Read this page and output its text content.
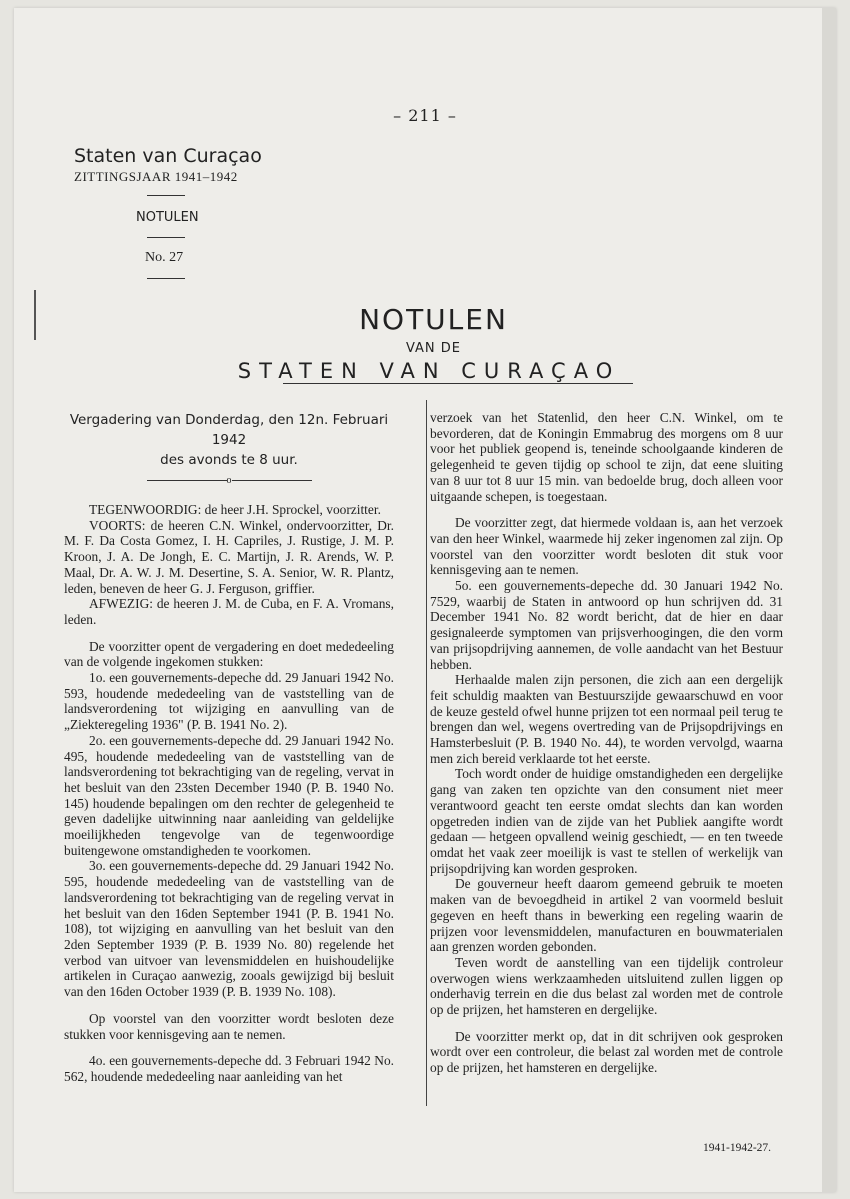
– 211 –
Staten van Curaçao
ZITTINGSJAAR 1941–1942
NOTULEN
No. 27
NOTULEN
VAN DE
STATEN VAN CURAÇAO
Vergadering van Donderdag, den 12n. Februari 1942
des avonds te 8 uur.
o

TEGENWOORDIG: de heer J.H. Sprockel, voorzitter.

VOORTS: de heeren C.N. Winkel, ondervoorzitter, Dr. M. F. Da Costa Gomez, I. H. Capriles, J. Rustige, J. M. P. Kroon, J. A. De Jongh, E. C. Martijn, J. R. Arends, W. P. Maal, Dr. A. W. J. M. Desertine, S. A. Senior, W. R. Plantz, leden, beneven de heer G. J. Ferguson, griffier.

AFWEZIG: de heeren J. M. de Cuba, en F. A. Vromans, leden.

De voorzitter opent de vergadering en doet mededeeling van de volgende ingekomen stukken:

1o. een gouvernements-depeche dd. 29 Januari 1942 No. 593, houdende mededeeling van de vaststelling van de landsverordening tot wijziging en aanvulling van de „Ziekteregeling 1936" (P. B. 1941 No. 2).

2o. een gouvernements-depeche dd. 29 Januari 1942 No. 495, houdende mededeeling van de vaststelling van de landsverordening tot bekrachtiging van de regeling, vervat in het besluit van den 23sten December 1940 (P. B. 1940 No. 145) houdende bepalingen om den rechter de gelegenheid te geven dadelijke uitwinning naar aanleiding van geldelijke moeilijkheden tengevolge van de tegenwoordige buitengewone omstandigheden te voorkomen.

3o. een gouvernements-depeche dd. 29 Januari 1942 No. 595, houdende mededeeling van de vaststelling van de landsverordening tot bekrachtiging van de regeling vervat in het besluit van den 16den September 1941 (P. B. 1941 No. 108), tot wijziging en aanvulling van het besluit van den 2den September 1939 (P. B. 1939 No. 80) regelende het verbod van uitvoer van levensmiddelen en huishoudelijke artikelen in Curaçao aanwezig, zooals gewijzigd bij besluit van den 16den October 1939 (P. B. 1939 No. 108).

Op voorstel van den voorzitter wordt besloten deze stukken voor kennisgeving aan te nemen.

4o. een gouvernements-depeche dd. 3 Februari 1942 No. 562, houdende mededeeling naar aanleiding van het

verzoek van het Statenlid, den heer C.N. Winkel, om te bevorderen, dat de Koningin Emmabrug des morgens om 8 uur voor het publiek geopend is, teneinde schoolgaande kinderen de gelegenheid te geven tijdig op school te zijn, dat eene sluiting van 8 uur tot 8 uur 15 min. van bedoelde brug, doch alleen voor uitgaande schepen, is toegestaan.

De voorzitter zegt, dat hiermede voldaan is, aan het verzoek van den heer Winkel, waarmede hij zeker ingenomen zal zijn. Op voorstel van den voorzitter wordt besloten dit stuk voor kennisgeving aan te nemen.

5o. een gouvernements-depeche dd. 30 Januari 1942 No. 7529, waarbij de Staten in antwoord op hun schrijven dd. 31 December 1941 No. 82 wordt bericht, dat de hier en daar gesignaleerde symptomen van prijsverhoogingen, die den vorm van prijsopdrijving aannemen, de volle aandacht van het Bestuur hebben.

Herhaalde malen zijn personen, die zich aan een dergelijk feit schuldig maakten van Bestuurszijde gewaarschuwd en voor de keuze gesteld ofwel hunne prijzen tot een normaal peil terug te brengen dan wel, wegens overtreding van de Prijsopdrijvings en Hamsterbesluit (P. B. 1940 No. 44), te worden vervolgd, waarna men zich bereid verklaarde tot het eerste.

Toch wordt onder de huidige omstandigheden een dergelijke gang van zaken ten opzichte van den consument niet meer verantwoord geacht ten eerste omdat slechts dan kan worden opgetreden indien van de zijde van het Publiek aangifte wordt gedaan — hetgeen opvallend weinig geschiedt, — en ten tweede omdat het vaak zeer moeilijk is vast te stellen of werkelijk van prijsopdrijving kan worden gesproken.

De gouverneur heeft daarom gemeend gebruik te moeten maken van de bevoegdheid in artikel 2 van voormeld besluit gegeven en heeft thans in bewerking een regeling waarin de prijzen voor levensmiddelen, manufacturen en bouwmaterialen aan grenzen worden gebonden.

Teven wordt de aanstelling van een tijdelijk controleur overwogen wiens werkzaamheden uitsluitend zullen liggen op onderhavig terrein en die dus belast zal worden met de controle op de prijzen, het hamsteren en dergelijke.

De voorzitter merkt op, dat in dit schrijven ook gesproken wordt over een controleur, die belast zal worden met de controle op de prijzen, het hamsteren en dergelijke.

1941-1942-27.
